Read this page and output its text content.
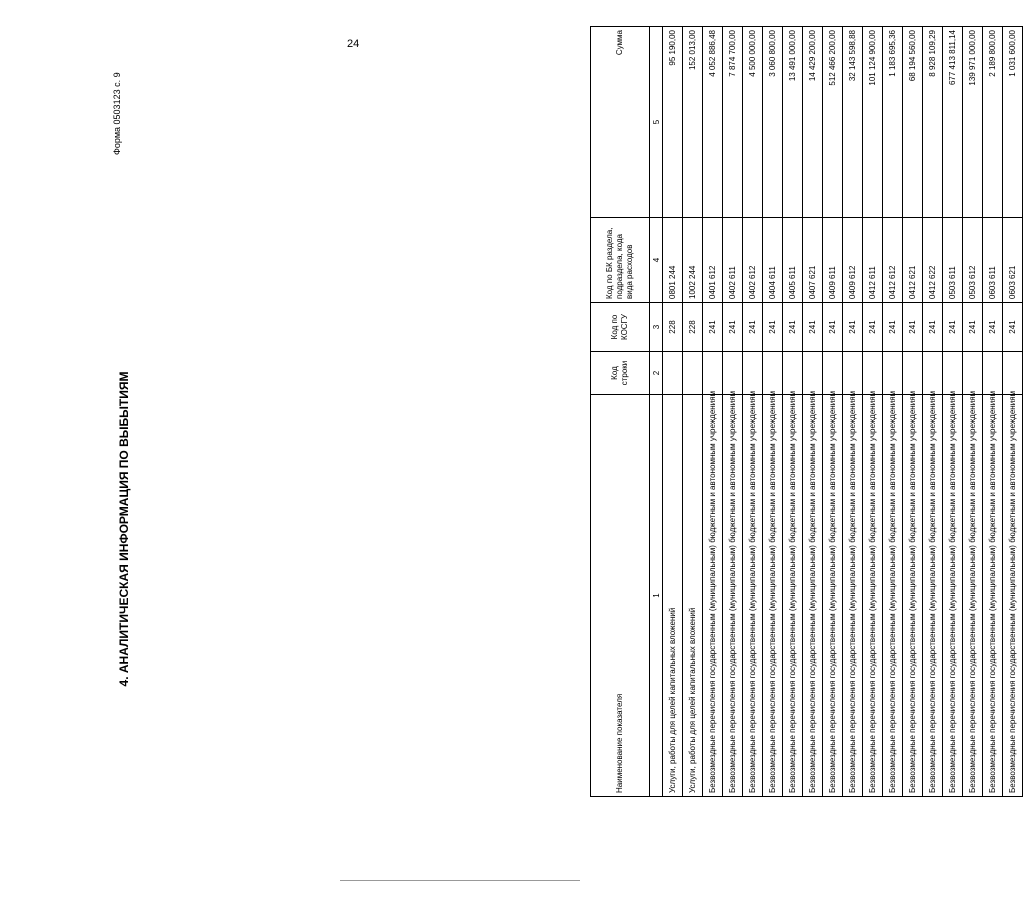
24
Форма 0503123 с. 9
4. АНАЛИТИЧЕСКАЯ ИНФОРМАЦИЯ ПО ВЫБЫТИЯМ
Наименование показателя	Код строки	Код по КОСГУ	Код по БК раздела, подраздела, кода вида расходов	Сумма
1	2	3	4	5
Услуги, работы для целей капитальных вложений		228	0801 244	95 190,00
Услуги, работы для целей капитальных вложений		228	1002 244	152 013,00
Безвозмездные перечисления государственным (муниципальным) бюджетным и автономным учреждениям		241	0401 612	4 052 886,48
Безвозмездные перечисления государственным (муниципальным) бюджетным и автономным учреждениям		241	0402 611	7 874 700,00
Безвозмездные перечисления государственным (муниципальным) бюджетным и автономным учреждениям		241	0402 612	4 500 000,00
Безвозмездные перечисления государственным (муниципальным) бюджетным и автономным учреждениям		241	0404 611	3 060 800,00
Безвозмездные перечисления государственным (муниципальным) бюджетным и автономным учреждениям		241	0405 611	13 491 000,00
Безвозмездные перечисления государственным (муниципальным) бюджетным и автономным учреждениям		241	0407 621	14 429 200,00
Безвозмездные перечисления государственным (муниципальным) бюджетным и автономным учреждениям		241	0409 611	512 466 200,00
Безвозмездные перечисления государственным (муниципальным) бюджетным и автономным учреждениям		241	0409 612	32 143 598,88
Безвозмездные перечисления государственным (муниципальным) бюджетным и автономным учреждениям		241	0412 611	101 124 900,00
Безвозмездные перечисления государственным (муниципальным) бюджетным и автономным учреждениям		241	0412 612	1 183 695,36
Безвозмездные перечисления государственным (муниципальным) бюджетным и автономным учреждениям		241	0412 621	68 194 560,00
Безвозмездные перечисления государственным (муниципальным) бюджетным и автономным учреждениям		241	0412 622	8 928 109,29
Безвозмездные перечисления государственным (муниципальным) бюджетным и автономным учреждениям		241	0503 611	677 413 811,14
Безвозмездные перечисления государственным (муниципальным) бюджетным и автономным учреждениям		241	0503 612	139 971 000,00
Безвозмездные перечисления государственным (муниципальным) бюджетным и автономным учреждениям		241	0603 611	2 189 800,00
Безвозмездные перечисления государственным (муниципальным) бюджетным и автономным учреждениям		241	0603 621	1 031 600,00
